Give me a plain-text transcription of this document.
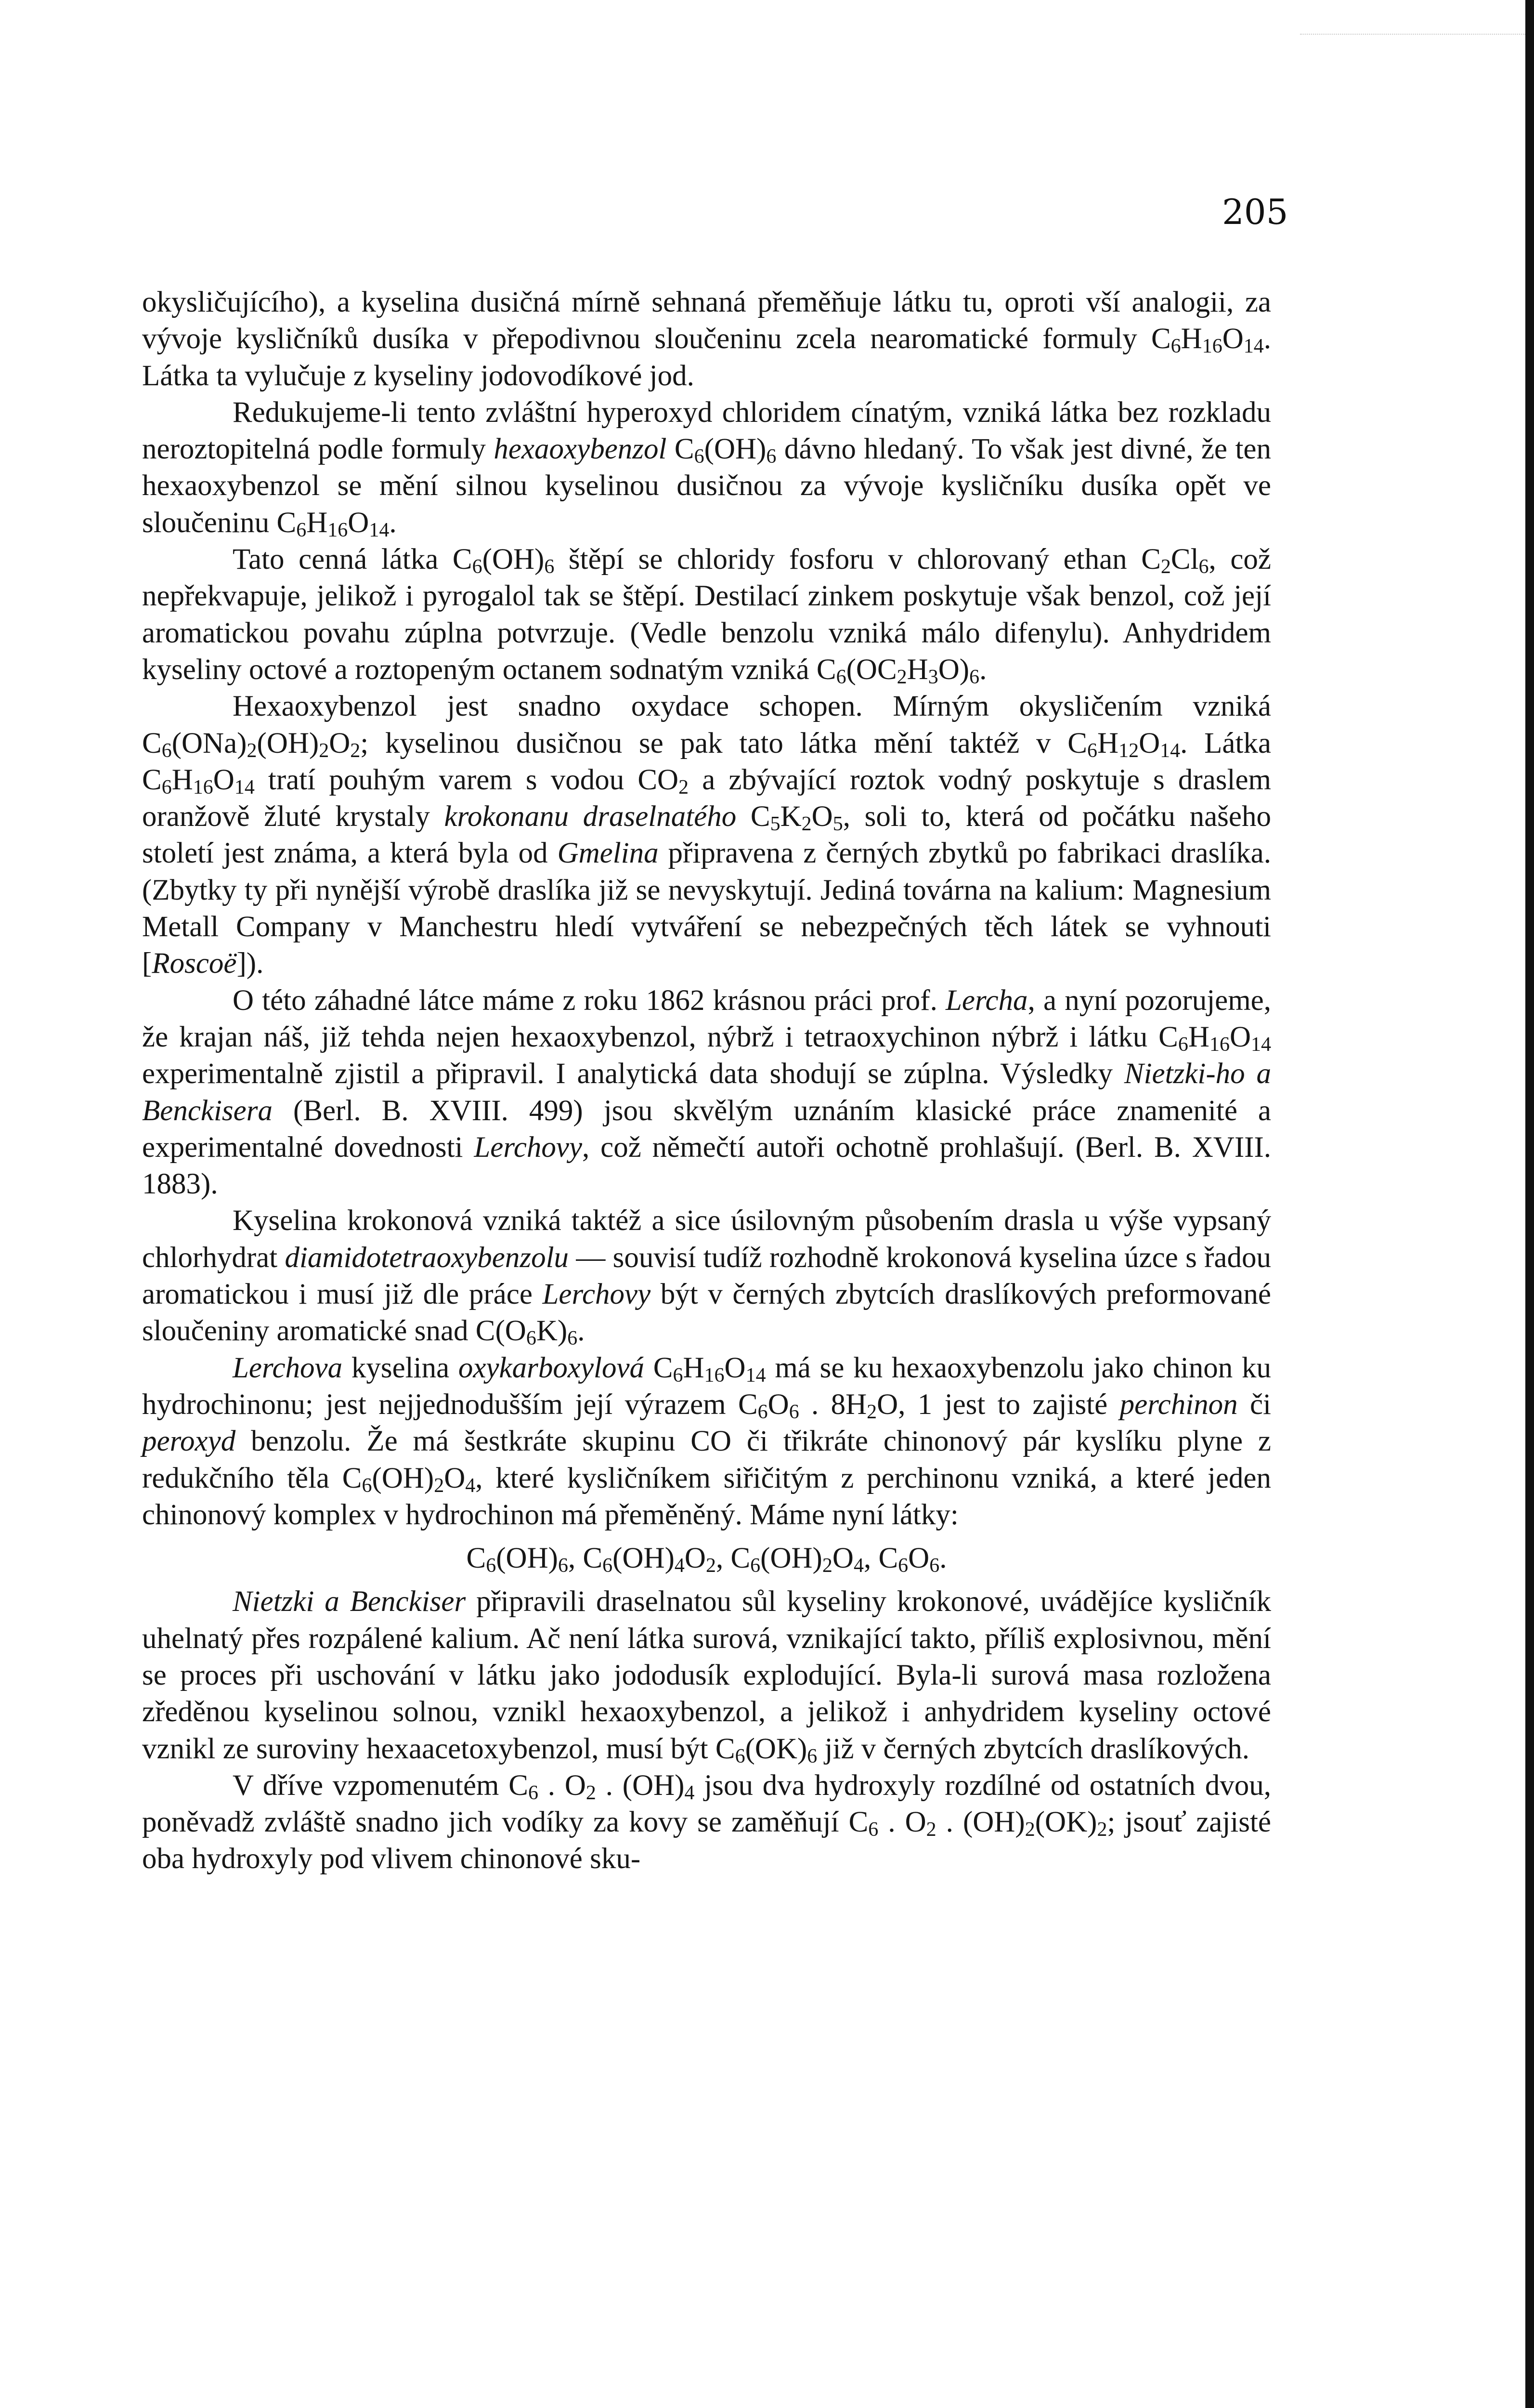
205

okysličujícího), a kyselina dusičná mírně sehnaná přeměňuje látku tu, oproti vší analogii, za vývoje kysličníků dusíka v přepodivnou sloučeninu zcela nearomatické formuly $C_6H_{16}O_{14}$. Látka ta vylučuje z kyseliny jodovodíkové jod.

Redukujeme-li tento zvláštní hyperoxyd chloridem cínatým, vzniká látka bez rozkladu neroztopitelná podle formuly hexaoxybenzol $C_6(OH)_6$ dávno hledaný. To však jest divné, že ten hexaoxybenzol se mění silnou kyselinou dusičnou za vývoje kysličníku dusíka opět ve sloučeninu $C_6H_{16}O_{14}$.

Tato cenná látka $C_6(OH)_6$ štěpí se chloridy fosforu v chlorovaný ethan $C_2Cl_6$, což nepřekvapuje, jelikož i pyrogalol tak se štěpí. Destilací zinkem poskytuje však benzol, což její aromatickou povahu zúplna potvrzuje. (Vedle benzolu vzniká málo difenylu). Anhydridem kyseliny octové a roztopeným octanem sodnatým vzniká $C_6(OC_2H_3O)_6$.

Hexaoxybenzol jest snadno oxydace schopen. Mírným okysličením vzniká $C_6(ONa)_2(OH)_2O_2$; kyselinou dusičnou se pak tato látka mění taktéž v $C_6H_{12}O_{14}$. Látka $C_6H_{16}O_{14}$ tratí pouhým varem s vodou $CO_2$ a zbývající roztok vodný poskytuje s draslem oranžově žluté krystaly krokonanu draselnatého $C_5K_2O_5$, soli to, která od počátku našeho století jest známa, a která byla od Gmelina připravena z černých zbytků po fabrikaci draslíka. (Zbytky ty při nynější výrobě draslíka již se nevyskytují. Jediná továrna na kalium: Magnesium Metall Company v Manchestru hledí vytváření se nebezpečných těch látek se vyhnouti [Roscoë]).

O této záhadné látce máme z roku 1862 krásnou práci prof. Lercha, a nyní pozorujeme, že krajan náš, již tehda nejen hexaoxybenzol, nýbrž i tetraoxychinon nýbrž i látku $C_6H_{16}O_{14}$ experimentalně zjistil a připravil. I analytická data shodují se zúplna. Výsledky Nietzki-ho a Benckisera (Berl. B. XVIII. 499) jsou skvělým uznáním klasické práce znamenité a experimentalné dovednosti Lerchovy, což němečtí autoři ochotně prohlašují. (Berl. B. XVIII. 1883).

Kyselina krokonová vzniká taktéž a sice úsilovným působením drasla u výše vypsaný chlorhydrat diamidotetraoxybenzolu — souvisí tudíž rozhodně krokonová kyselina úzce s řadou aromatickou i musí již dle práce Lerchovy být v černých zbytcích draslíkových preformované sloučeniny aromatické snad $C(O_6K)_6$.

Lerchova kyselina oxykarboxylová $C_6H_{16}O_{14}$ má se ku hexaoxybenzolu jako chinon ku hydrochinonu; jest nejjednodušším její výrazem $C_6O_6$ . $8H_2O$, 1 jest to zajisté perchinon či peroxyd benzolu. Že má šestkráte skupinu CO či třikráte chinonový pár kyslíku plyne z redukčního těla $C_6(OH)_2O_4$, které kysličníkem siřičitým z perchinonu vzniká, a které jeden chinonový komplex v hydrochinon má přeměněný. Máme nyní látky:

$C_6(OH)_6$, $C_6(OH)_4O_2$, $C_6(OH)_2O_4$, $C_6O_6$.

Nietzki a Benckiser připravili draselnatou sůl kyseliny krokonové, uvádějíce kysličník uhelnatý přes rozpálené kalium. Ač není látka surová, vznikající takto, příliš explosivnou, mění se proces při uschování v látku jako jododusík explodující. Byla-li surová masa rozložena zředěnou kyselinou solnou, vznikl hexaoxybenzol, a jelikož i anhydridem kyseliny octové vznikl ze suroviny hexaacetoxybenzol, musí být $C_6(OK)_6$ již v černých zbytcích draslíkových.

V dříve vzpomenutém $C_6$ . $O_2$ . $(OH)_4$ jsou dva hydroxyly rozdílné od ostatních dvou, poněvadž zvláště snadno jich vodíky za kovy se zaměňují $C_6$ . $O_2$ . $(OH)_2(OK)_2$; jsouť zajisté oba hydroxyly pod vlivem chinonové sku-
